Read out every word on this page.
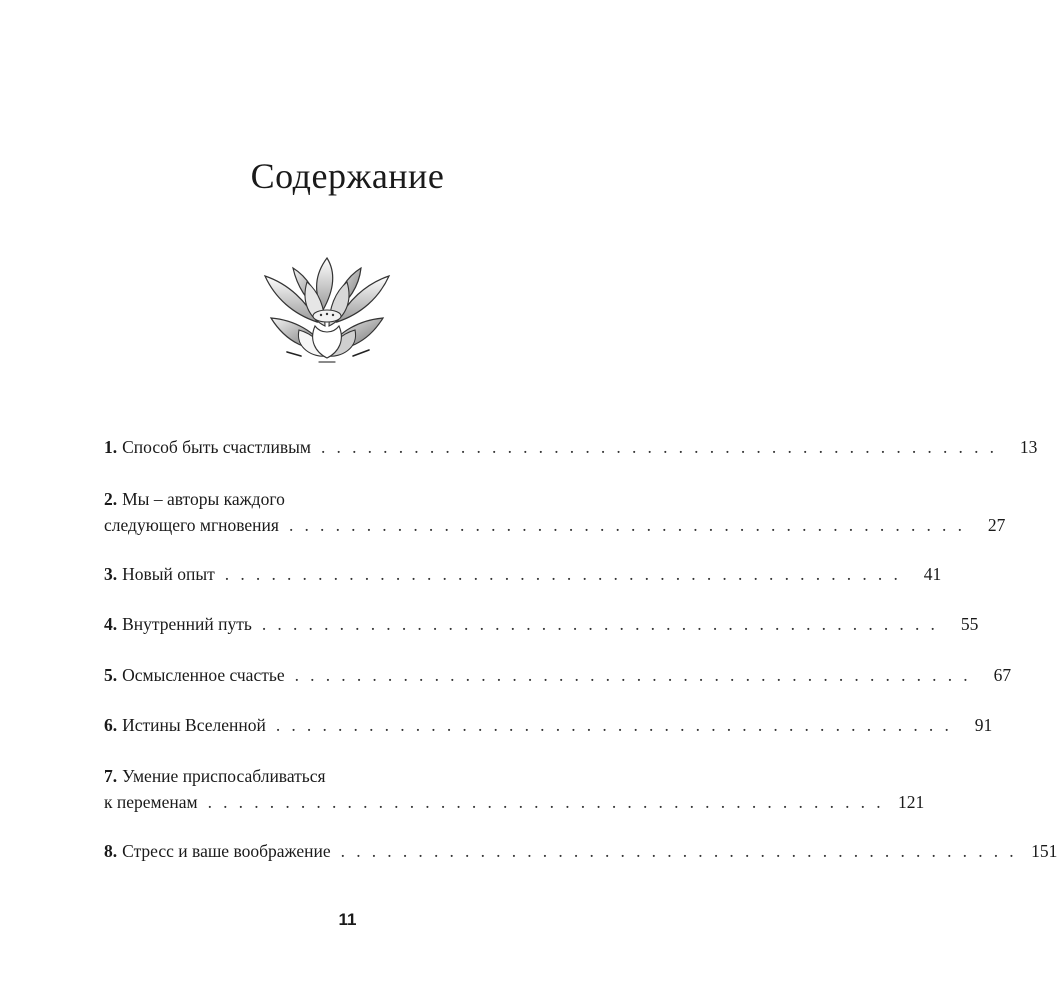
Содержание
1. Способ быть счастливым . . . . . . . . . . . . . . . . . . . . . . . . . . . . . . . . . . . . . . . . . . . .	13
2. Мы – авторы каждого
следующего мгновения . . . . . . . . . . . . . . . . . . . . . . . . . . . . . . . . . . . . . . . . . . . .	27
3. Новый опыт . . . . . . . . . . . . . . . . . . . . . . . . . . . . . . . . . . . . . . . . . . . .	41
4. Внутренний путь . . . . . . . . . . . . . . . . . . . . . . . . . . . . . . . . . . . . . . . . . . . .	55
5. Осмысленное счастье . . . . . . . . . . . . . . . . . . . . . . . . . . . . . . . . . . . . . . . . . . . .	67
6. Истины Вселенной . . . . . . . . . . . . . . . . . . . . . . . . . . . . . . . . . . . . . . . . . . . .	91
7. Умение приспосабливаться
к переменам . . . . . . . . . . . . . . . . . . . . . . . . . . . . . . . . . . . . . . . . . . . . 121
8. Стресс и ваше воображение . . . . . . . . . . . . . . . . . . . . . . . . . . . . . . . . . . . . . . . . . . . . 151
11
